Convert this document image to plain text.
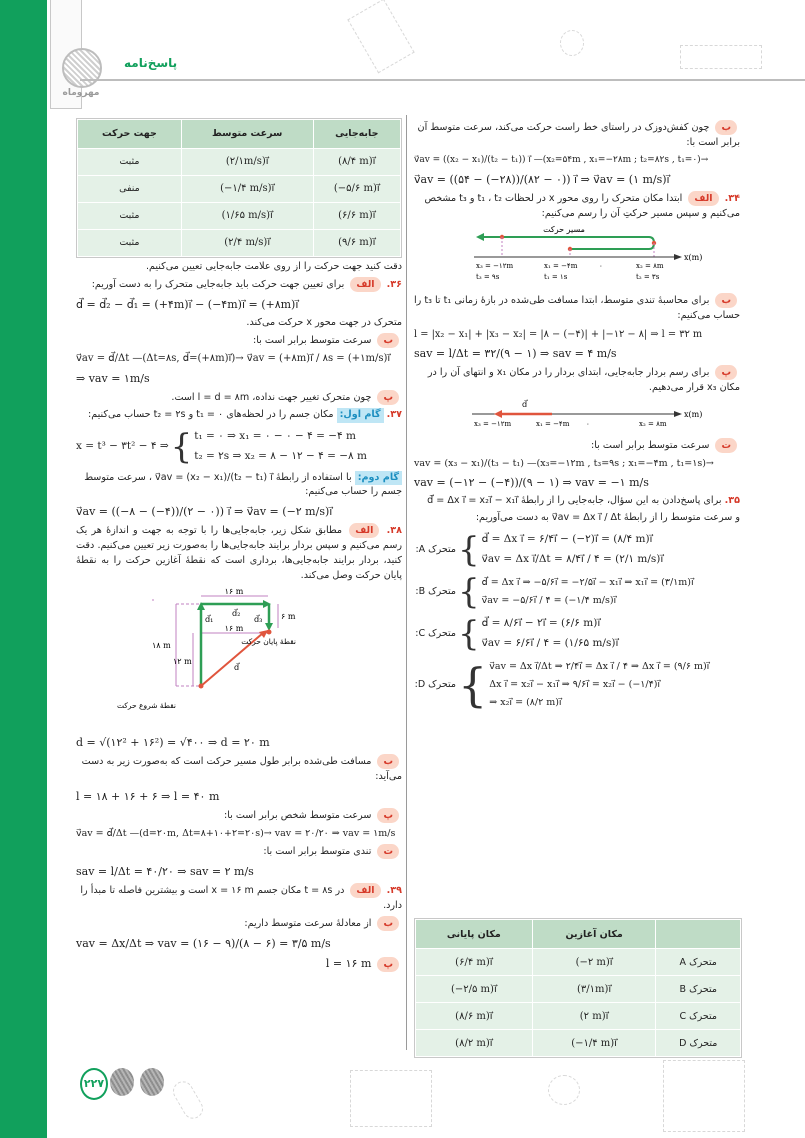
مهروماه
پاسخ‌نامه
جابه‌جایی	سرعت متوسط	جهت حرکت
(۸/۴ m)i⃗	(۲/۱m/s)i⃗	مثبت
(−۵/۶ m)i⃗	(−۱/۴ m/s)i⃗	منفی
(۶/۶ m)i⃗	(۱/۶۵ m/s)i⃗	مثبت
(۹/۶ m)i⃗	(۲/۴ m/s)i⃗	مثبت
دقت کنید جهت حرکت را از روی علامت جابه‌جایی تعیین می‌کنیم.
۳۶. الف برای تعیین جهت حرکت باید جابه‌جایی متحرک را به دست آوریم:
d⃗ = d⃗₂ − d⃗₁ = (+۴m)i⃗ − (−۴m)i⃗ = (+۸m)i⃗
متحرک در جهت محور x حرکت می‌کند.
ب سرعت متوسط برابر است با:
v⃗av = d⃗/Δt —(Δt=۸s, d⃗=(+۸m)i⃗)→ v⃗av = (+۸m)i⃗ / ۸s = (+۱m/s)i⃗
⇒ vav = ۱m/s
پ چون متحرک تغییر جهت نداده، l = d = ۸m است.
۳۷. گام اول: مکان جسم را در لحظه‌های t₁ = ۰ و t₂ = ۲s حساب می‌کنیم:
x = t³ − ۳t² − ۴ ⇒ { t₁ = ۰ ⇒ x₁ = ۰ − ۰ − ۴ = −۴ m
t₂ = ۲s ⇒ x₂ = ۸ − ۱۲ − ۴ = −۸ m
گام دوم: با استفاده از رابطهٔ v⃗av = (x₂ − x₁)/(t₂ − t₁) i⃗ ، سرعت متوسط جسم را حساب می‌کنیم:
v⃗av = ((−۸ − (−۴))/(۲ − ۰)) i⃗ ⇒ v⃗av = (−۲ m/s)i⃗
۳۸. الف مطابق شکل زیر، جابه‌جایی‌ها را با توجه به جهت و اندازهٔ هر یک رسم می‌کنیم و سپس بردار برایند جابه‌جایی‌ها را به‌صورت زیر تعیین می‌کنیم. دقت کنید، بردار برایند جابه‌جایی‌ها، برداری است که نقطهٔ آغازین حرکت را به نقطهٔ پایان حرکت وصل می‌کند.
۱۶ m
۱۶ m
۶ m
۱۸ m
۱۲ m
d⃗₁
d⃗₂
d⃗₃
d⃗
نقطهٔ پایان حرکت
نقطهٔ شروع حرکت
d = √(۱۲² + ۱۶²) = √۴۰۰ ⇒ d = ۲۰ m
ب مسافت طی‌شده برابر طول مسیر حرکت است که به‌صورت زیر به دست می‌آید:
l = ۱۸ + ۱۶ + ۶ ⇒ l = ۴۰ m
پ سرعت متوسط شخص برابر است با:
v⃗av = d⃗/Δt —(d=۲۰m, Δt=۸+۱۰+۲=۲۰s)→ vav = ۲۰/۲۰ ⇒ vav = ۱m/s
ت تندی متوسط برابر است با:
sav = l/Δt = ۴۰/۲۰ ⇒ sav = ۲ m/s
۳۹. الف در t = ۸s مکان جسم x = ۱۶ m است و بیشترین فاصله تا مبدأ را دارد.
ب از معادلهٔ سرعت متوسط داریم:
vav = Δx/Δt ⇒ vav = (۱۶ − ۹)/(۸ − ۶) = ۳/۵ m/s
پ l = ۱۶ m
ب چون کفش‌دوزک در راستای خط راست حرکت می‌کند، سرعت متوسط آن برابر است با:
v⃗av = ((x₂ − x₁)/(t₂ − t₁)) i⃗ —(x₂=۵۴m , x₁=−۲۸m ; t₂=۸۲s , t₁=۰)→
v⃗av = ((۵۴ − (−۲۸))/(۸۲ − ۰)) i⃗ ⇒ v⃗av = (۱ m/s)i⃗
۳۴. الف ابتدا مکان متحرک را روی محور x در لحظات t₁ ، t₂ و t₃ مشخص می‌کنیم و سپس مسیر حرکتِ آن را رسم می‌کنیم:
مسیر حرکت
x(m)
۰
x₃ = −۱۲m
t₃ = ۹s
x₁ = −۴m
t₁ = ۱s
x₂ = ۸m
t₂ = ۳s
ب برای محاسبهٔ تندی متوسط، ابتدا مسافت طی‌شده در بازهٔ زمانی t₁ تا t₃ را حساب می‌کنیم:
l = |x₂ − x₁| + |x₃ − x₂| = |۸ − (−۴)| + |−۱۲ − ۸| ⇒ l = ۳۲ m
sav = l/Δt = ۳۲/(۹ − ۱) ⇒ sav = ۴ m/s
پ برای رسم بردار جابه‌جایی، ابتدای بردار را در مکان x₁ و انتهای آن را در مکان x₃ قرار می‌دهیم.
d⃗
x(m)
x₃ = −۱۲m	x₁ = −۴m ۰	x₂ = ۸m
ت سرعت متوسط برابر است با:
vav = (x₃ − x₁)/(t₃ − t₁) —(x₃=−۱۲m , t₃=۹s ; x₁=−۴m , t₁=۱s)→
vav = (−۱۲ − (−۴))/(۹ − ۱) ⇒ vav = −۱ m/s
۳۵. برای پاسخ‌دادن به این سؤال، جابه‌جایی را از رابطهٔ d⃗ = Δx i⃗ = x₂i⃗ − x₁i⃗
و سرعت متوسط را از رابطهٔ v⃗av = Δx i⃗ / Δt به دست می‌آوریم:
متحرک A: { d⃗ = Δx i⃗ = ۶/۴i⃗ − (−۲)i⃗ = (۸/۴ m)i⃗
v⃗av = Δx i⃗/Δt = ۸/۴i⃗ / ۴ = (۲/۱ m/s)i⃗
متحرک B: { d⃗ = Δx i⃗ ⇒ −۵/۶i⃗ = −۲/۵i⃗ − x₁i⃗ ⇒ x₁i⃗ = (۳/۱m)i⃗
v⃗av = −۵/۶i⃗ / ۴ = (−۱/۴ m/s)i⃗
متحرک C: { d⃗ = ۸/۶i⃗ − ۲i⃗ = (۶/۶ m)i⃗
v⃗av = ۶/۶i⃗ / ۴ = (۱/۶۵ m/s)i⃗
متحرک D: { v⃗av = Δx i⃗/Δt ⇒ ۲/۴i⃗ = Δx i⃗ / ۴ ⇒ Δx i⃗ = (۹/۶ m)i⃗
Δx i⃗ = x₂i⃗ − x₁i⃗ ⇒ ۹/۶i⃗ = x₂i⃗ − (−۱/۴)i⃗
⇒ x₂i⃗ = (۸/۲ m)i⃗
	مکان آغازین	مکان پایانی
متحرک A	(−۲ m)i⃗	(۶/۴ m)i⃗
متحرک B	(۳/۱m)i⃗	(−۲/۵ m)i⃗
متحرک C	(۲ m)i⃗	(۸/۶ m)i⃗
متحرک D	(−۱/۴ m)i⃗	(۸/۲ m)i⃗
۲۲۷
